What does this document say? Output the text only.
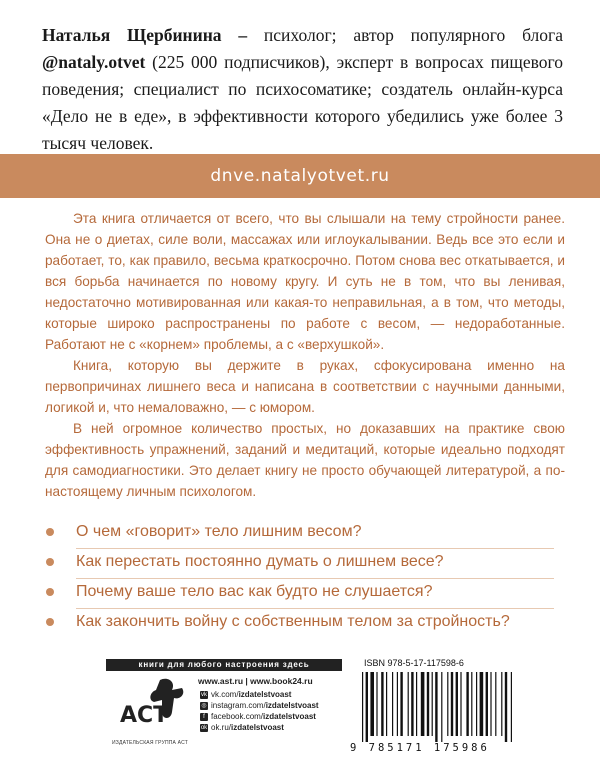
Наталья Щербинина – психолог; автор популярного блога @nataly.otvet (225 000 подписчиков), эксперт в вопросах пищевого поведения; специалист по психосоматике; создатель онлайн-курса «Дело не в еде», в эффективности которого убедились уже более 3 тысяч человек.
dnve.natalyotvet.ru

Эта книга отличается от всего, что вы слышали на тему стройности ранее. Она не о диетах, силе воли, массажах или иглоукалывании. Ведь все это если и работает, то, как правило, весьма краткосрочно. Потом снова вес откатывается, и вся борьба начинается по новому кругу. И суть не в том, что вы ленивая, недостаточно мотивированная или какая-то неправильная, а в том, что методы, которые широко распространены по работе с весом, — недоработанные. Работают не с «корнем» проблемы, а с «верхушкой».

Книга, которую вы держите в руках, сфокусирована именно на первопричинах лишнего веса и написана в соответствии с научными данными, логикой и, что немаловажно, — с юмором.

В ней огромное количество простых, но доказавших на практике свою эффективность упражнений, заданий и медитаций, которые идеально подходят для самодиагностики. Это делает книгу не просто обучающей литературой, а по-настоящему личным психологом.

О чем «говорит» тело лишним весом?
Как перестать постоянно думать о лишнем весе?
Почему ваше тело вас как будто не слушается?
Как закончить войну с собственным телом за стройность?
книги для любого настроения здесь
ACT
ИЗДАТЕЛЬСКАЯ ГРУППА АСТ
www.ast.ru | www.book24.ru
vk vk.com/ izdatelstvoast
◎ instagram.com/ izdatelstvoast
f facebook.com/ izdatelstvoast
ok ok.ru/ izdatelstvoast
ISBN 978-5-17-117598-6
9 785171 175986
